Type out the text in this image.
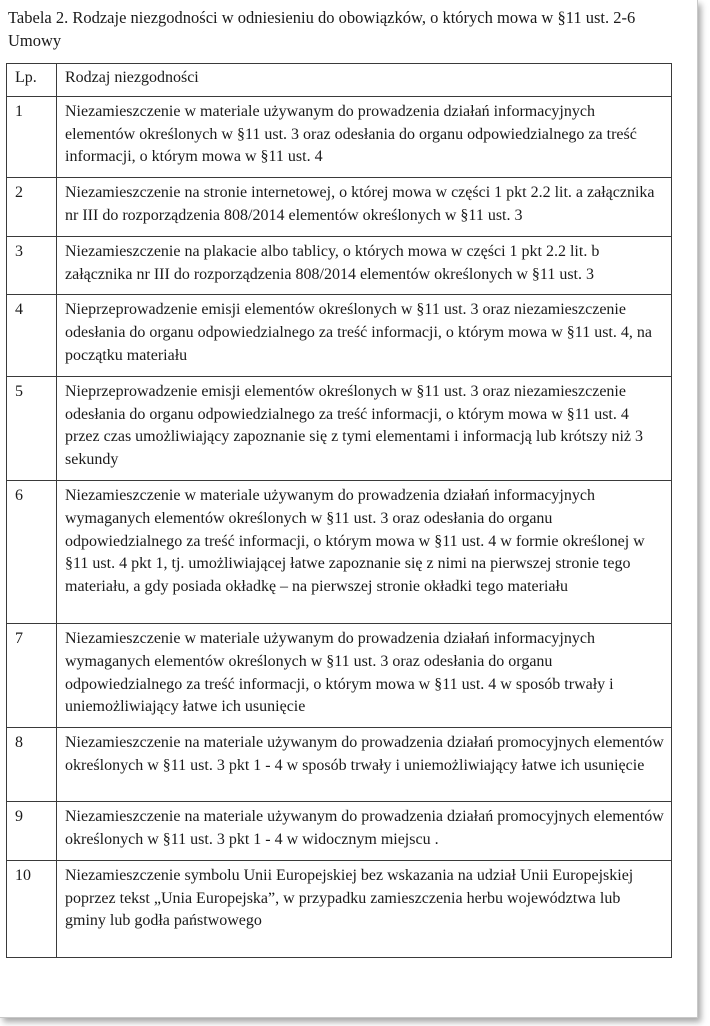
Tabela 2. Rodzaje niezgodności w odniesieniu do obowiązków, o których mowa w §11 ust. 2-6 Umowy
Lp.	Rodzaj niezgodności
1	Niezamieszczenie w materiale używanym do prowadzenia działań informacyjnych elementów określonych w §11 ust. 3 oraz odesłania do organu odpowiedzialnego za treść informacji, o którym mowa w §11 ust. 4
2	Niezamieszczenie na stronie internetowej, o której mowa w części 1 pkt 2.2 lit. a załącznika nr III do rozporządzenia 808/2014 elementów określonych w §11 ust. 3
3	Niezamieszczenie na plakacie albo tablicy, o których mowa w części 1 pkt 2.2 lit. b załącznika nr III do rozporządzenia 808/2014 elementów określonych w §11 ust. 3
4	Nieprzeprowadzenie emisji elementów określonych w §11 ust. 3 oraz niezamieszczenie odesłania do organu odpowiedzialnego za treść informacji, o którym mowa w §11 ust. 4, na początku materiału
5	Nieprzeprowadzenie emisji elementów określonych w §11 ust. 3 oraz niezamieszczenie odesłania do organu odpowiedzialnego za treść informacji, o którym mowa w §11 ust. 4 przez czas umożliwiający zapoznanie się z tymi elementami i informacją lub krótszy niż 3 sekundy
6	Niezamieszczenie w materiale używanym do prowadzenia działań informacyjnych wymaganych elementów określonych w §11 ust. 3 oraz odesłania do organu odpowiedzialnego za treść informacji, o którym mowa w §11 ust. 4 w formie określonej w §11 ust. 4 pkt 1, tj. umożliwiającej łatwe zapoznanie się z nimi na pierwszej stronie tego materiału, a gdy posiada okładkę – na pierwszej stronie okładki tego materiału
7	Niezamieszczenie w materiale używanym do prowadzenia działań informacyjnych wymaganych elementów określonych w §11 ust. 3 oraz odesłania do organu odpowiedzialnego za treść informacji, o którym mowa w §11 ust. 4 w sposób trwały i uniemożliwiający łatwe ich usunięcie
8	Niezamieszczenie na materiale używanym do prowadzenia działań promocyjnych elementów określonych w §11 ust. 3 pkt 1 - 4 w sposób trwały i uniemożliwiający łatwe ich usunięcie
9	Niezamieszczenie na materiale używanym do prowadzenia działań promocyjnych elementów określonych w §11 ust. 3 pkt 1 - 4 w widocznym miejscu .
10	Niezamieszczenie symbolu Unii Europejskiej bez wskazania na udział Unii Europejskiej poprzez tekst „Unia Europejska”, w przypadku zamieszczenia herbu województwa lub gminy lub godła państwowego
